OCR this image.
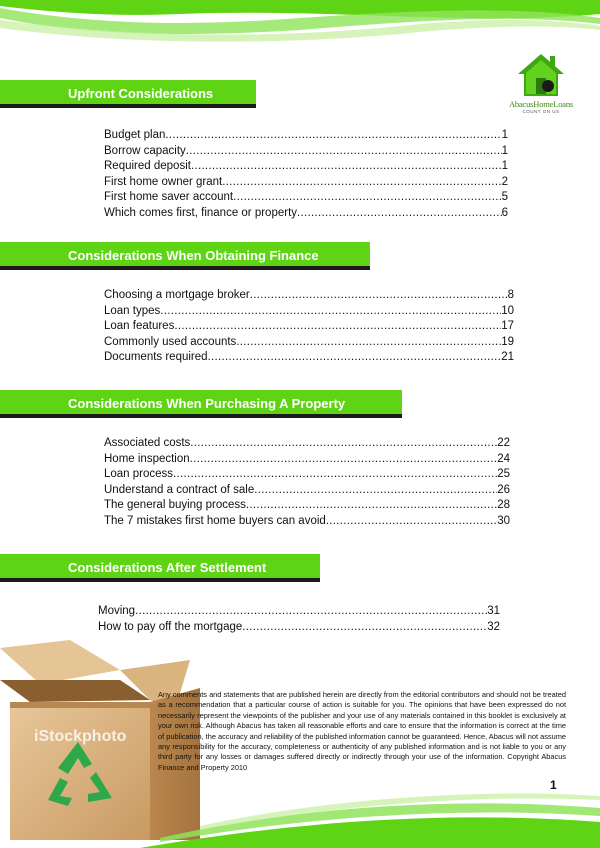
AbacusHomeLoans
COUNT ON US
Upfront Considerations
Budget plan .....	1
Borrow capacity .....	1
Required deposit .....	1
First home owner grant .....	2
First home saver account .....	5
Which comes first, finance or property .....	6
Considerations When Obtaining Finance
Choosing a mortgage broker .....	8
Loan types .....	10
Loan features .....	17
Commonly used accounts .....	19
Documents required .....	21
Considerations When Purchasing A Property
Associated costs .....	22
Home inspection .....	24
Loan process .....	25
Understand a contract of sale .....	26
The general buying process .....	28
The 7 mistakes first home buyers can avoid .....	30
Considerations After Settlement
Moving .....	31
How to pay off the mortgage .....	32
iStockphoto
Any comments and statements that are published herein are directly from the editorial contributors and should not be treated as a recommendation that a particular course of action is suitable for you. The opinions that have been expressed do not necessarily represent the viewpoints of the publisher and your use of any materials contained in this booklet is exclusively at your own risk. Although Abacus has taken all reasonable efforts and care to ensure that the information is correct at the time of publication, the accuracy and reliability of the published information cannot be guaranteed. Hence, Abacus will not assume any responsibility for the accuracy, completeness or authenticity of any published information and is not liable to you or any third party for any losses or damages suffered directly or indirectly through your use of the information. Copyright Abacus Finance and Property 2010
1
